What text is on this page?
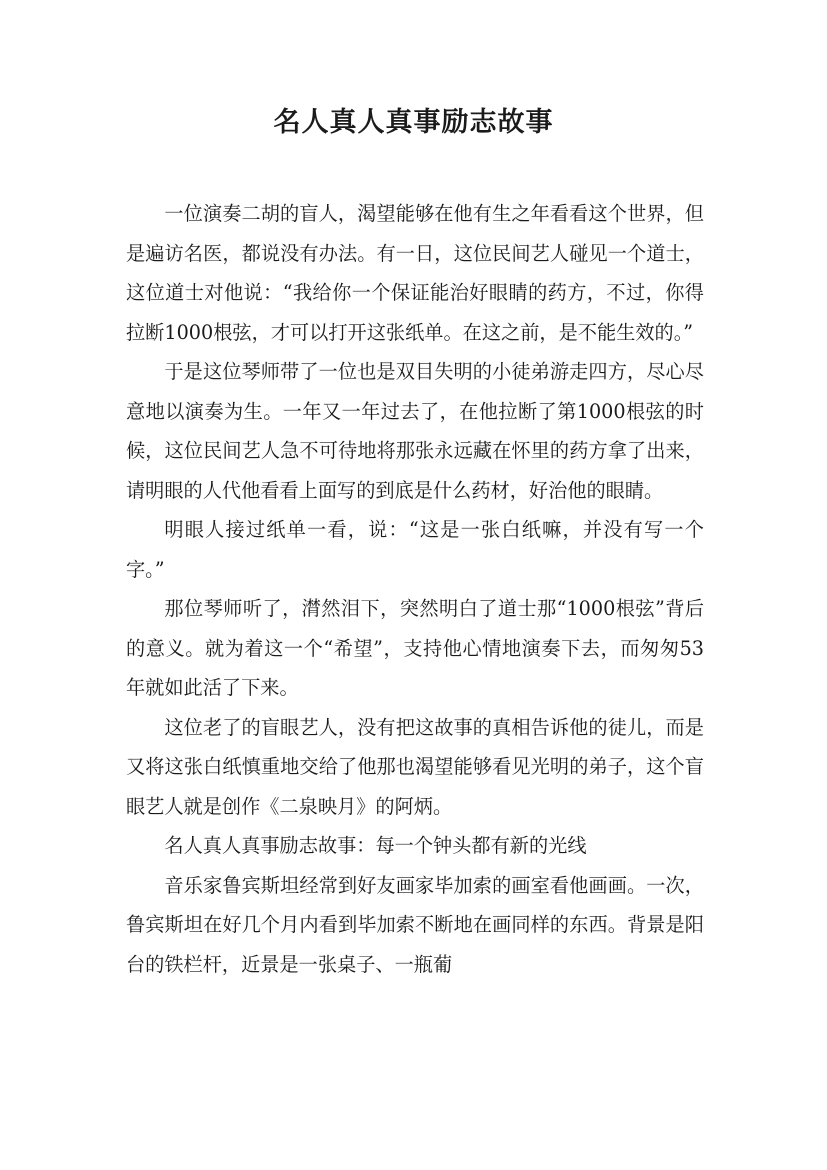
名人真人真事励志故事

一位演奏二胡的盲人，渴望能够在他有生之年看看这个世界，但是遍访名医，都说没有办法。有一日，这位民间艺人碰见一个道士，这位道士对他说：“我给你一个保证能治好眼睛的药方，不过，你得拉断1000根弦，才可以打开这张纸单。在这之前，是不能生效的。”

于是这位琴师带了一位也是双目失明的小徒弟游走四方，尽心尽意地以演奏为生。一年又一年过去了，在他拉断了第1000根弦的时候，这位民间艺人急不可待地将那张永远藏在怀里的药方拿了出来，请明眼的人代他看看上面写的到底是什么药材，好治他的眼睛。

明眼人接过纸单一看，说：“这是一张白纸嘛，并没有写一个字。”

那位琴师听了，潸然泪下，突然明白了道士那“1000根弦”背后的意义。就为着这一个“希望”，支持他心情地演奏下去，而匆匆53年就如此活了下来。

这位老了的盲眼艺人，没有把这故事的真相告诉他的徒儿，而是又将这张白纸慎重地交给了他那也渴望能够看见光明的弟子，这个盲眼艺人就是创作《二泉映月》的阿炳。

名人真人真事励志故事：每一个钟头都有新的光线

音乐家鲁宾斯坦经常到好友画家毕加索的画室看他画画。一次，鲁宾斯坦在好几个月内看到毕加索不断地在画同样的东西。背景是阳台的铁栏杆，近景是一张桌子、一瓶葡
